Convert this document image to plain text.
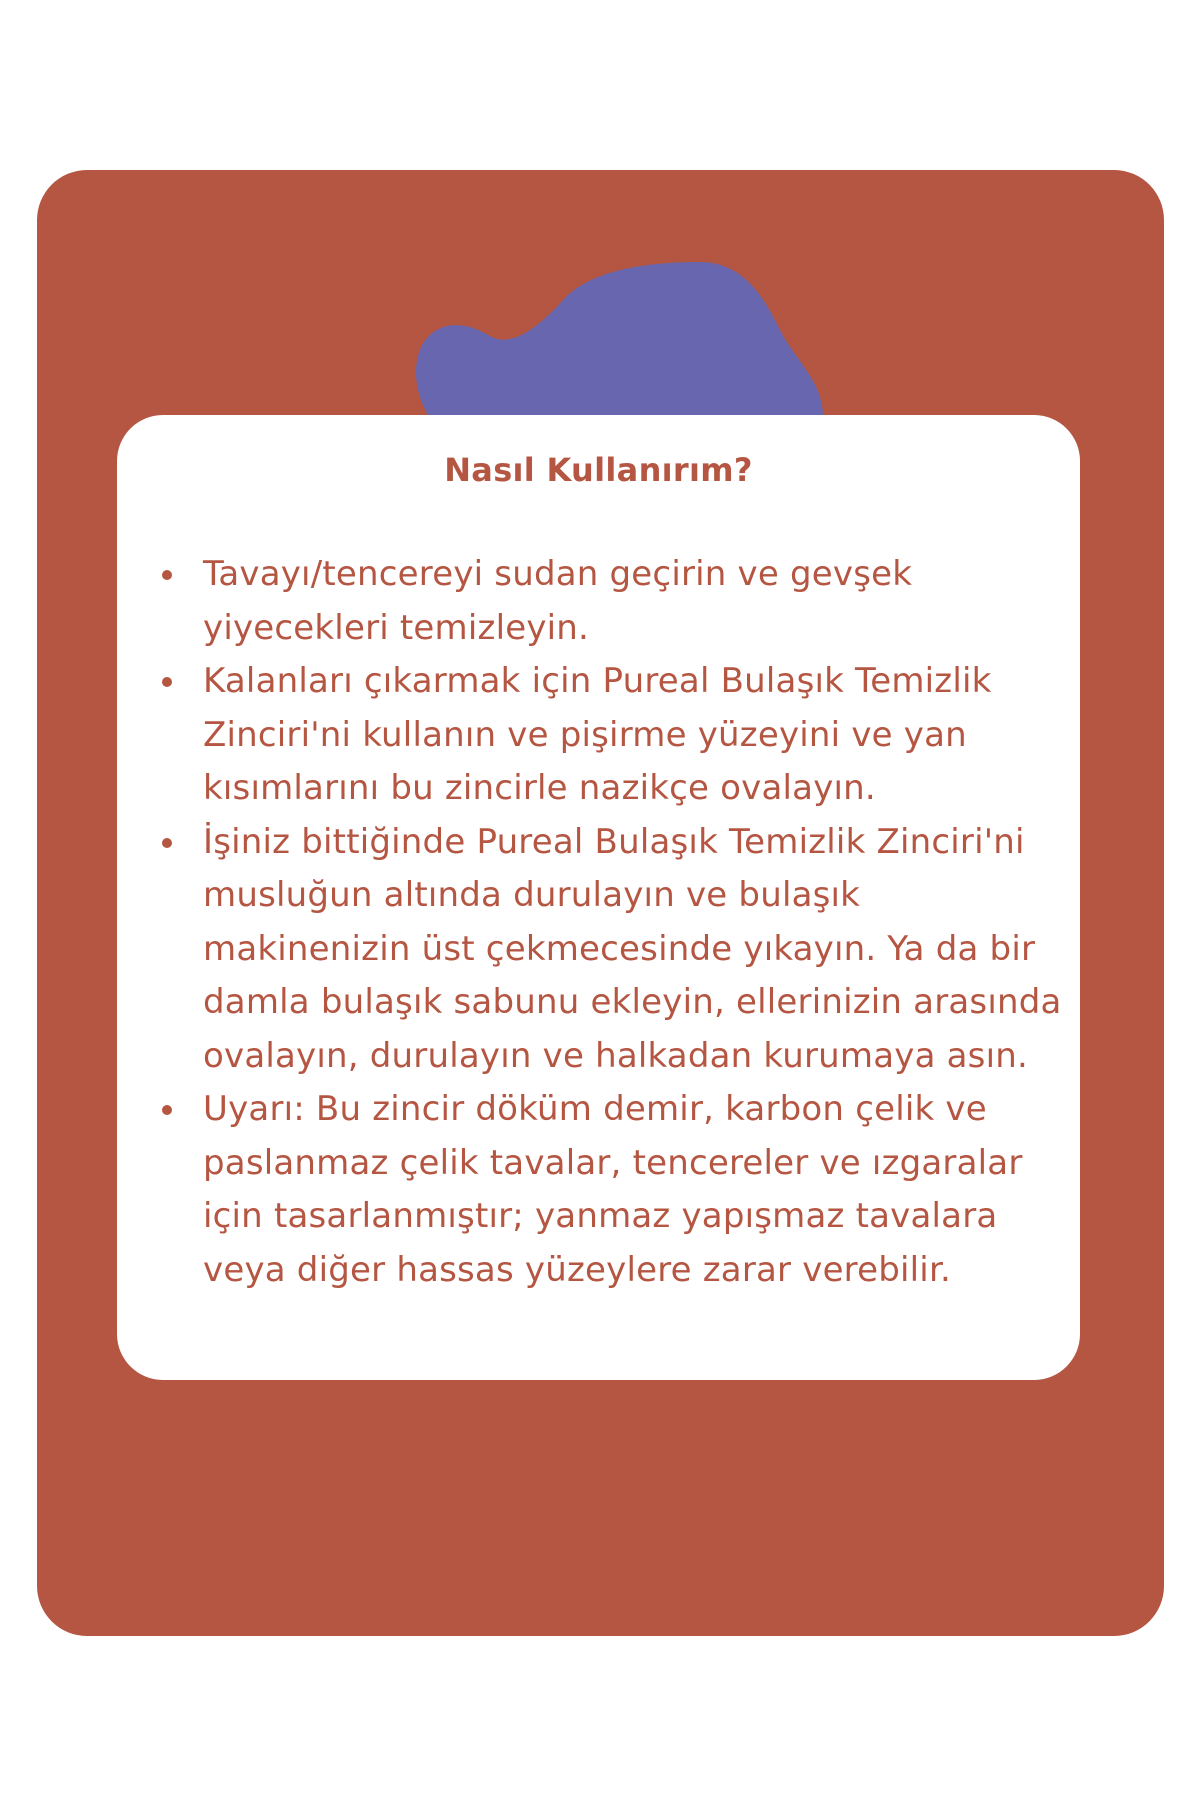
Nasıl Kullanırım?
Tavayı/tencereyi sudan geçirin ve gevşek yiyecekleri temizleyin.
Kalanları çıkarmak için Pureal Bulaşık Temizlik Zinciri'ni kullanın ve pişirme yüzeyini ve yan kısımlarını bu zincirle nazikçe ovalayın.
İşiniz bittiğinde Pureal Bulaşık Temizlik Zinciri'ni musluğun altında durulayın ve bulaşık makinenizin üst çekmecesinde yıkayın. Ya da bir damla bulaşık sabunu ekleyin, ellerinizin arasında ovalayın, durulayın ve halkadan kurumaya asın.
Uyarı: Bu zincir döküm demir, karbon çelik ve paslanmaz çelik tavalar, tencereler ve ızgaralar için tasarlanmıştır; yanmaz yapışmaz tavalara veya diğer hassas yüzeylere zarar verebilir.
